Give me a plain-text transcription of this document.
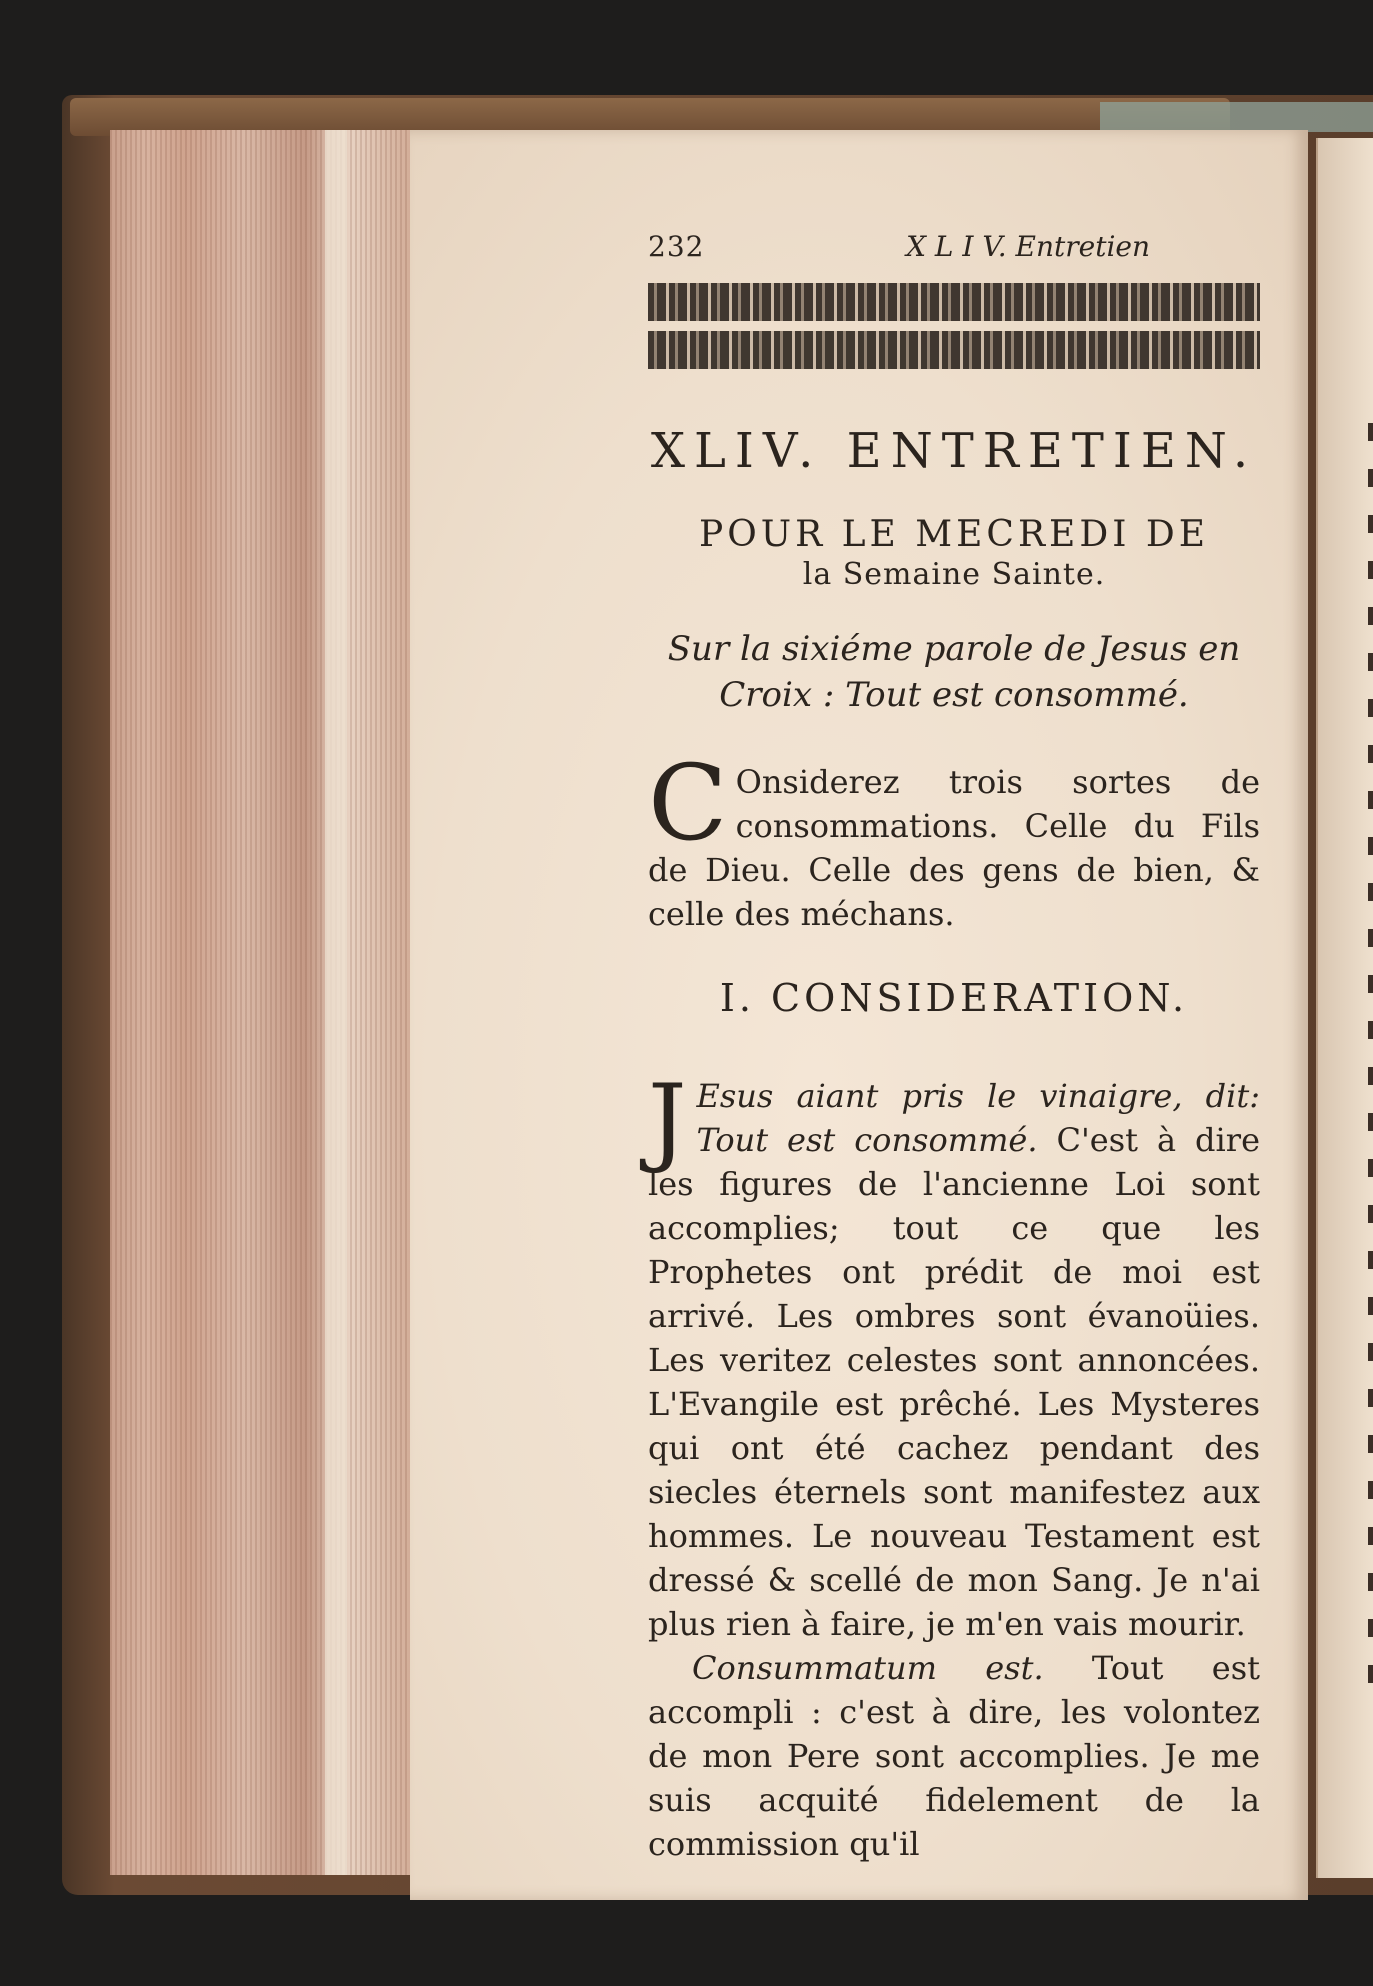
232	X L I V. Entretien

XLIV. ENTRETIEN.

POUR LE MECREDI DE

la Semaine Sainte.

Sur la sixiéme parole de Jesus en
Croix : Tout est consommé.

C Onsiderez trois sortes de consommations. Celle du Fils de Dieu. Celle des gens de bien, & celle des méchans.

I. CONSIDERATION.

J Esus aiant pris le vinaigre, dit: Tout est consommé. C'est à dire les figures de l'ancienne Loi sont accomplies; tout ce que les Prophetes ont prédit de moi est arrivé. Les ombres sont évanoüies. Les veritez celestes sont annoncées. L'Evangile est prêché. Les Mysteres qui ont été cachez pendant des siecles éternels sont manifestez aux hommes. Le nouveau Testament est dressé & scellé de mon Sang. Je n'ai plus rien à faire, je m'en vais mourir.

Consummatum est. Tout est accompli : c'est à dire, les volontez de mon Pere sont accomplies. Je me suis acquité fidelement de la commission qu'il
